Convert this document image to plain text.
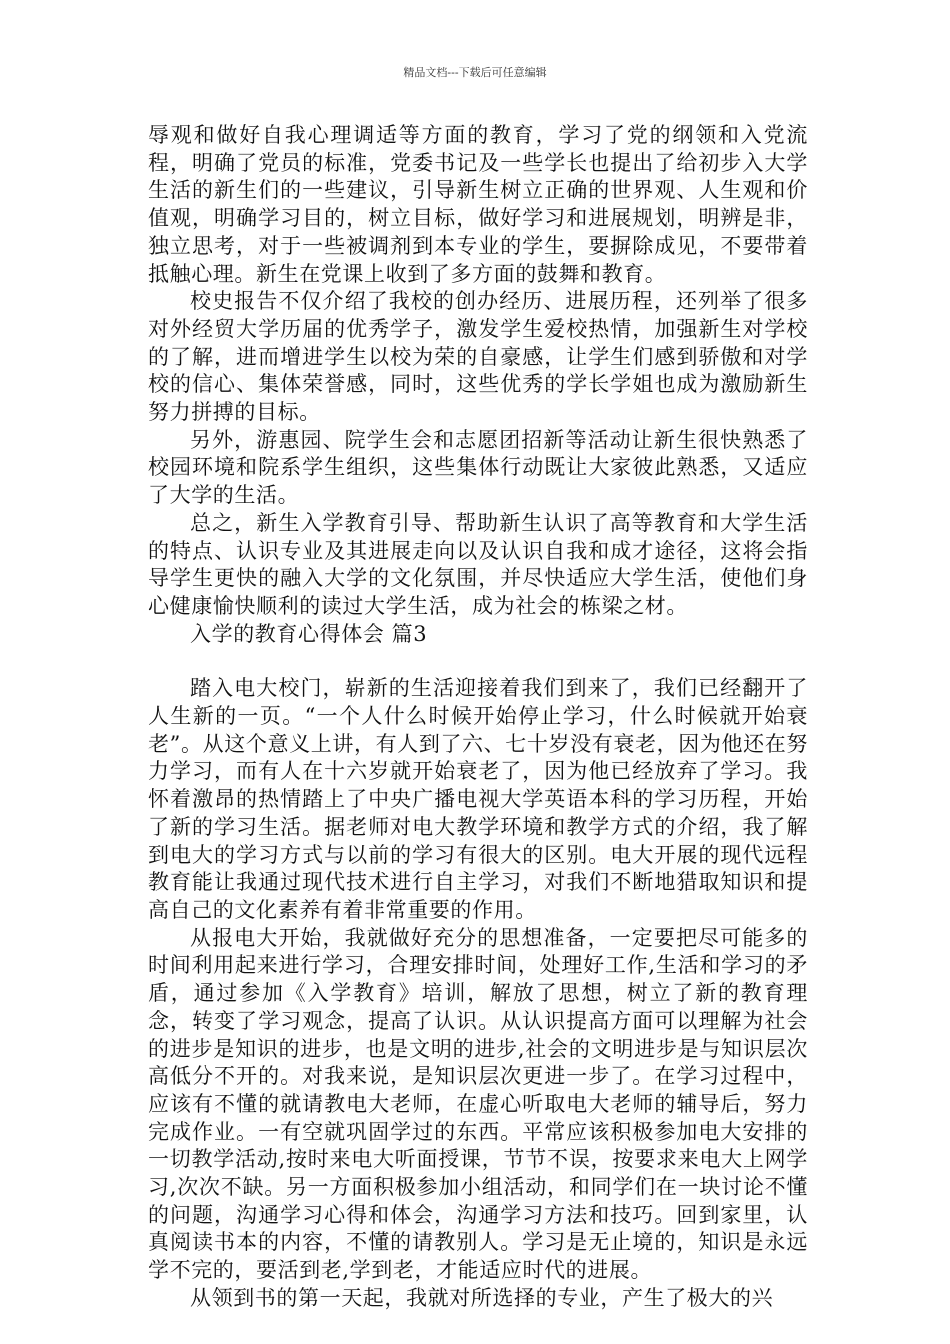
精品文档---下载后可任意编辑

辱观和做好自我心理调适等方面的教育，学习了党的纲领和入党流程，明确了党员的标准，党委书记及一些学长也提出了给初步入大学生活的新生们的一些建议，引导新生树立正确的世界观、人生观和价值观，明确学习目的，树立目标，做好学习和进展规划，明辨是非，独立思考，对于一些被调剂到本专业的学生，要摒除成见，不要带着抵触心理。新生在党课上收到了多方面的鼓舞和教育。

校史报告不仅介绍了我校的创办经历、进展历程，还列举了很多对外经贸大学历届的优秀学子，激发学生爱校热情，加强新生对学校的了解，进而增进学生以校为荣的自豪感，让学生们感到骄傲和对学校的信心、集体荣誉感，同时，这些优秀的学长学姐也成为激励新生努力拼搏的目标。

另外，游惠园、院学生会和志愿团招新等活动让新生很快熟悉了校园环境和院系学生组织，这些集体行动既让大家彼此熟悉，又适应了大学的生活。

总之，新生入学教育引导、帮助新生认识了高等教育和大学生活的特点、认识专业及其进展走向以及认识自我和成才途径，这将会指导学生更快的融入大学的文化氛围，并尽快适应大学生活，使他们身心健康愉快顺利的读过大学生活，成为社会的栋梁之材。

入学的教育心得体会 篇3

踏入电大校门，崭新的生活迎接着我们到来了，我们已经翻开了人生新的一页。“一个人什么时候开始停止学习，什么时候就开始衰老”。从这个意义上讲，有人到了六、七十岁没有衰老，因为他还在努力学习，而有人在十六岁就开始衰老了，因为他已经放弃了学习。我怀着激昂的热情踏上了中央广播电视大学英语本科的学习历程，开始了新的学习生活。据老师对电大教学环境和教学方式的介绍，我了解到电大的学习方式与以前的学习有很大的区别。电大开展的现代远程教育能让我通过现代技术进行自主学习，对我们不断地猎取知识和提高自己的文化素养有着非常重要的作用。

从报电大开始，我就做好充分的思想准备，一定要把尽可能多的时间利用起来进行学习，合理安排时间，处理好工作,生活和学习的矛盾，通过参加《入学教育》培训，解放了思想，树立了新的教育理念，转变了学习观念，提高了认识。从认识提高方面可以理解为社会的进步是知识的进步，也是文明的进步,社会的文明进步是与知识层次高低分不开的。对我来说，是知识层次更进一步了。在学习过程中，应该有不懂的就请教电大老师，在虚心听取电大老师的辅导后，努力完成作业。一有空就巩固学过的东西。平常应该积极参加电大安排的一切教学活动,按时来电大听面授课，节节不误，按要求来电大上网学习,次次不缺。另一方面积极参加小组活动，和同学们在一块讨论不懂的问题，沟通学习心得和体会，沟通学习方法和技巧。回到家里，认真阅读书本的内容，不懂的请教别人。学习是无止境的，知识是永远学不完的，要活到老,学到老，才能适应时代的进展。

从领到书的第一天起，我就对所选择的专业，产生了极大的兴
